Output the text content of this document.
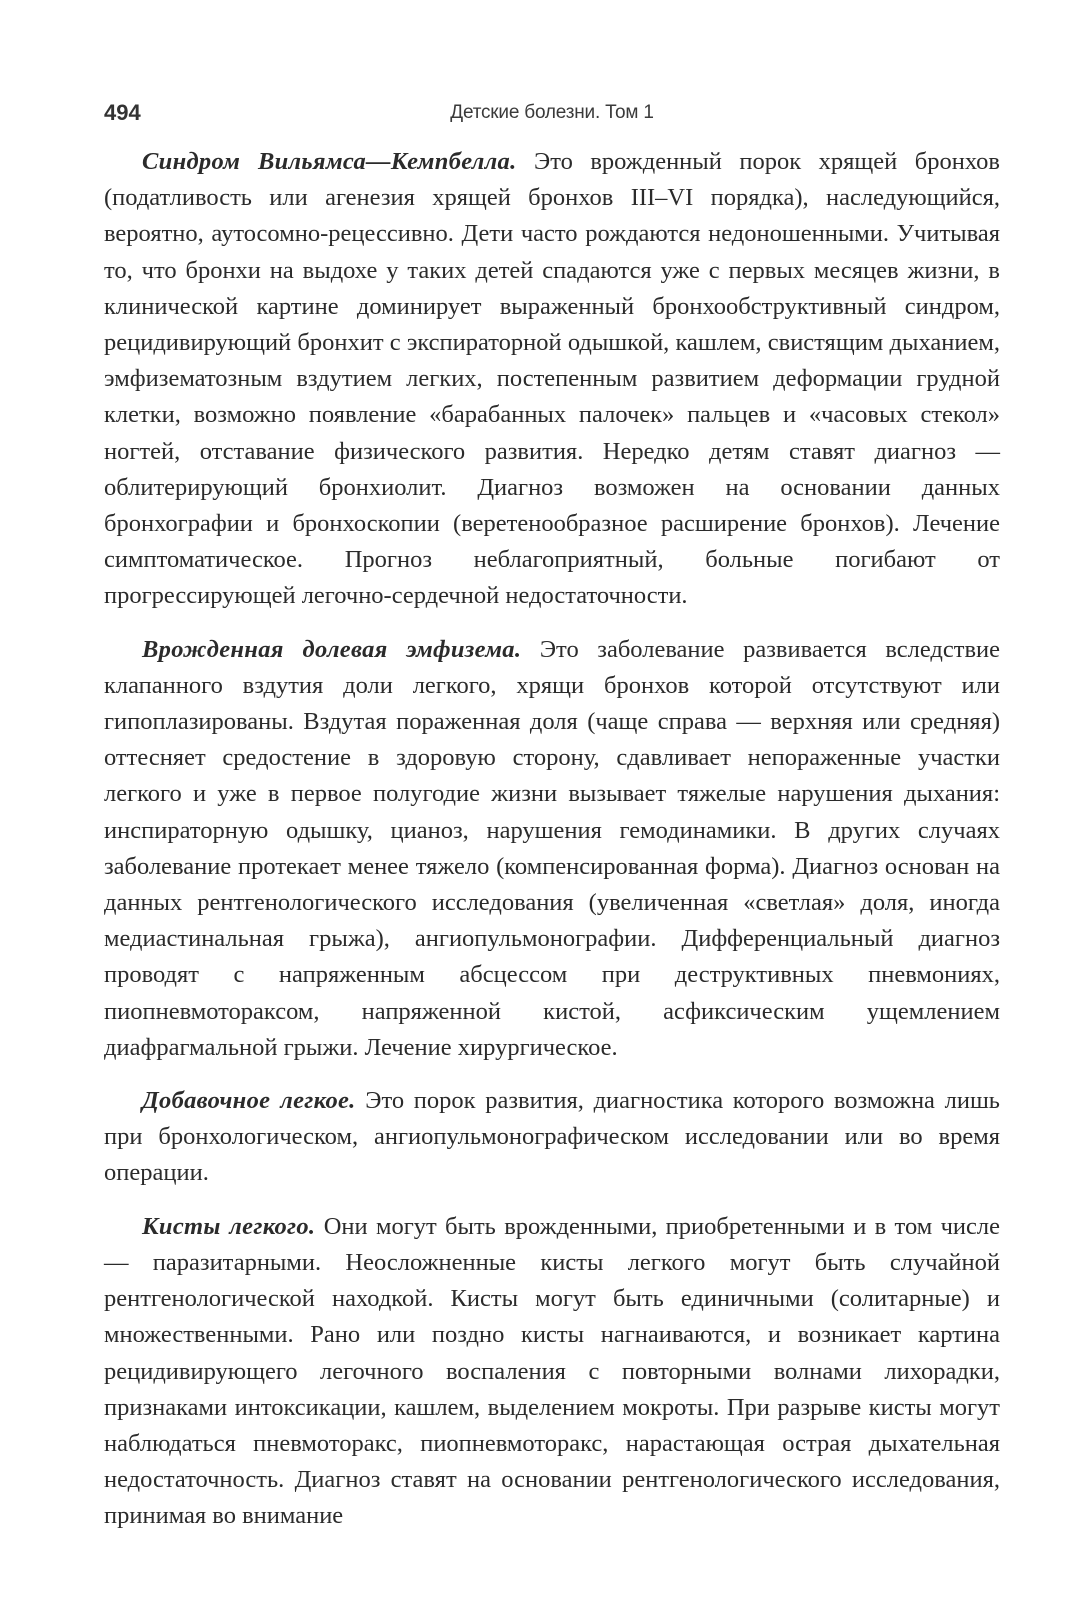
494	Детские болезни. Том 1

Синдром Вильямса—Кемпбелла. Это врожденный порок хрящей бронхов (податливость или агенезия хрящей бронхов III–VI порядка), наследующийся, вероятно, аутосомно-рецессивно. Дети часто рождаются недоношенными. Учитывая то, что бронхи на выдохе у таких детей спадаются уже с первых месяцев жизни, в клинической картине доминирует выраженный бронхообструктивный синдром, рецидивирующий бронхит с экспираторной одышкой, кашлем, свистящим дыханием, эмфизематозным вздутием легких, постепенным развитием деформации грудной клетки, возможно появление «барабанных палочек» пальцев и «часовых стекол» ногтей, отставание физического развития. Нередко детям ставят диагноз — облитерирующий бронхиолит. Диагноз возможен на основании данных бронхографии и бронхоскопии (веретенообразное расширение бронхов). Лечение симптоматическое. Прогноз неблагоприятный, больные погибают от прогрессирующей легочно-сердечной недостаточности.

Врожденная долевая эмфизема. Это заболевание развивается вследствие клапанного вздутия доли легкого, хрящи бронхов которой отсутствуют или гипоплазированы. Вздутая пораженная доля (чаще справа — верхняя или средняя) оттесняет средостение в здоровую сторону, сдавливает непораженные участки легкого и уже в первое полугодие жизни вызывает тяжелые нарушения дыхания: инспираторную одышку, цианоз, нарушения гемодинамики. В других случаях заболевание протекает менее тяжело (компенсированная форма). Диагноз основан на данных рентгенологического исследования (увеличенная «светлая» доля, иногда медиастинальная грыжа), ангиопульмонографии. Дифференциальный диагноз проводят с напряженным абсцессом при деструктивных пневмониях, пиопневмотораксом, напряженной кистой, асфиксическим ущемлением диафрагмальной грыжи. Лечение хирургическое.

Добавочное легкое. Это порок развития, диагностика которого возможна лишь при бронхологическом, ангиопульмонографическом исследовании или во время операции.

Кисты легкого. Они могут быть врожденными, приобретенными и в том числе — паразитарными. Неосложненные кисты легкого могут быть случайной рентгенологической находкой. Кисты могут быть единичными (солитарные) и множественными. Рано или поздно кисты нагнаиваются, и возникает картина рецидивирующего легочного воспаления с повторными волнами лихорадки, признаками интоксикации, кашлем, выделением мокроты. При разрыве кисты могут наблюдаться пневмоторакс, пиопневмоторакс, нарастающая острая дыхательная недостаточность. Диагноз ставят на основании рентгенологического исследования, принимая во внимание
